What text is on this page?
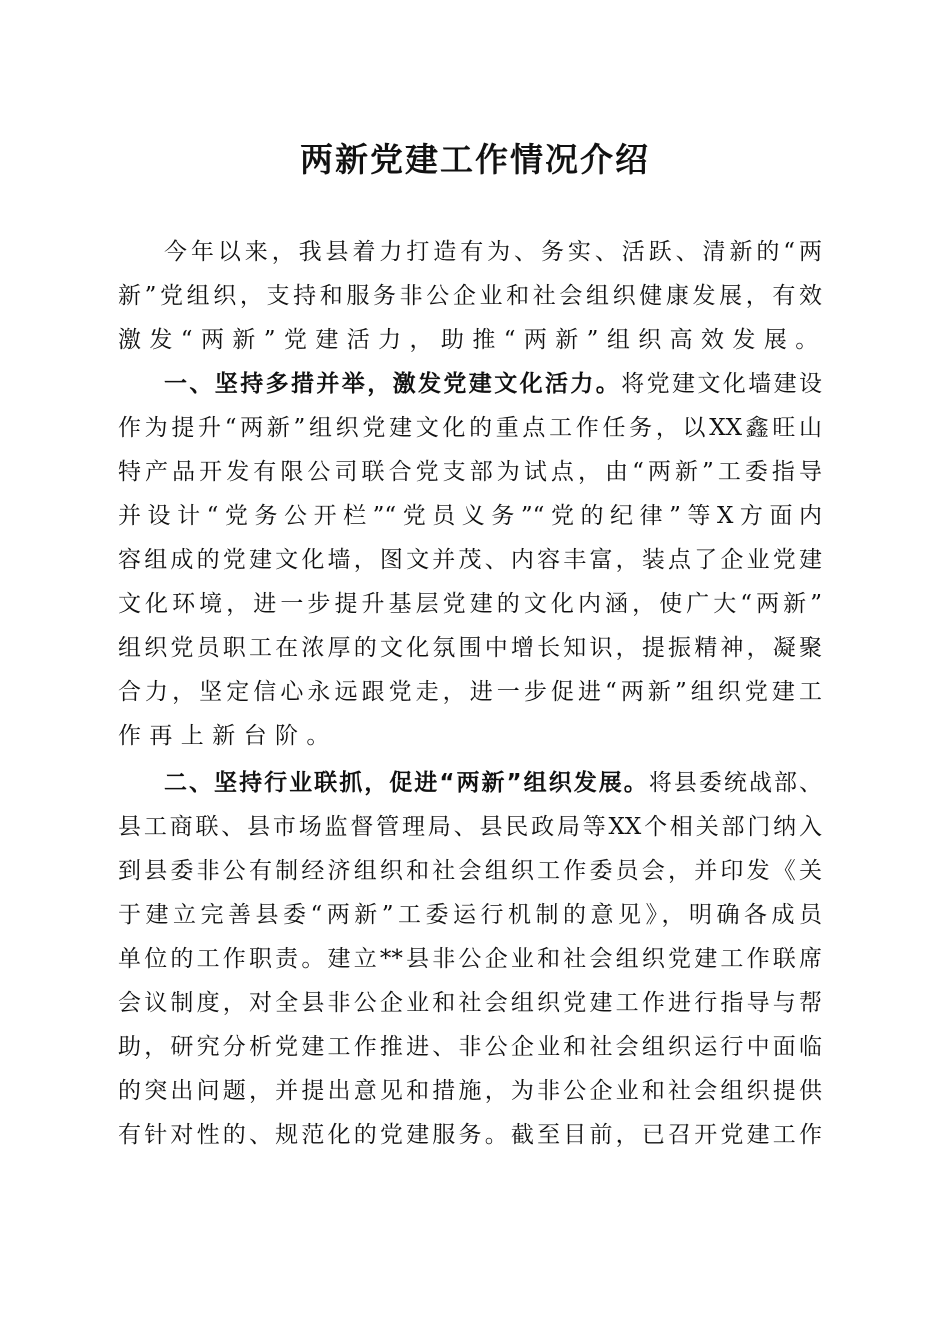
两新党建工作情况介绍
今年以来，我县着力打造有为、务实、活跃、清新的“两
新”党组织，支持和服务非公企业和社会组织健康发展，有效
激发“两新”党建活力，助推“两新”组织高效发展。
一、坚持多措并举，激发党建文化活力。将党建文化墙建设
作为提升“两新”组织党建文化的重点工作任务，以XX鑫旺山
特产品开发有限公司联合党支部为试点，由“两新”工委指导
并设计“党务公开栏”“党员义务”“党的纪律”等X方面内
容组成的党建文化墙，图文并茂、内容丰富，装点了企业党建
文化环境，进一步提升基层党建的文化内涵，使广大“两新”
组织党员职工在浓厚的文化氛围中增长知识，提振精神，凝聚
合力，坚定信心永远跟党走，进一步促进“两新”组织党建工
作再上新台阶。
二、坚持行业联抓，促进“两新”组织发展。将县委统战部、
县工商联、县市场监督管理局、县民政局等XX个相关部门纳入
到县委非公有制经济组织和社会组织工作委员会，并印发《关
于建立完善县委“两新”工委运行机制的意见》，明确各成员
单位的工作职责。建立**县非公企业和社会组织党建工作联席
会议制度，对全县非公企业和社会组织党建工作进行指导与帮
助，研究分析党建工作推进、非公企业和社会组织运行中面临
的突出问题，并提出意见和措施，为非公企业和社会组织提供
有针对性的、规范化的党建服务。截至目前，已召开党建工作
